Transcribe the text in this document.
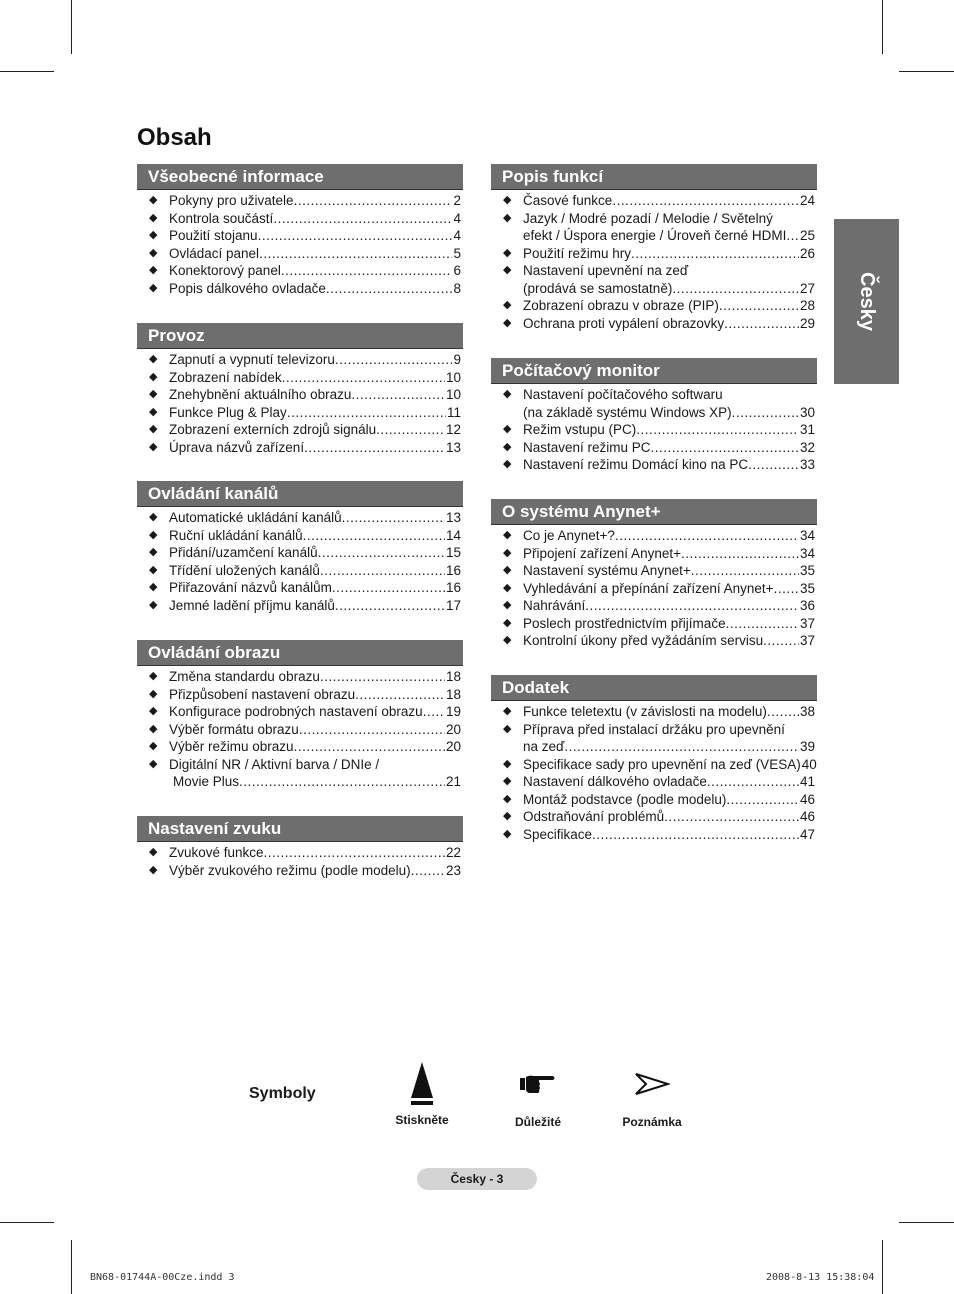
Obsah
Všeobecné informace
◆ Pokyny pro uživatele .....	2
◆ Kontrola součástí .....	4
◆ Použití stojanu .....	4
◆ Ovládací panel .....	5
◆ Konektorový panel .....	6
◆ Popis dálkového ovladače .....	8
Provoz
◆ Zapnutí a vypnutí televizoru .....	9
◆ Zobrazení nabídek .....	10
◆ Znehybnění aktuálního obrazu .....	10
◆ Funkce Plug & Play .....	11
◆ Zobrazení externích zdrojů signálu .....	12
◆ Úprava názvů zařízení .....	13
Ovládání kanálů
◆ Automatické ukládání kanálů .....	13
◆ Ruční ukládání kanálů .....	14
◆ Přidání/uzamčení kanálů .....	15
◆ Třídění uložených kanálů .....	16
◆ Přiřazování názvů kanálům .....	16
◆ Jemné ladění příjmu kanálů .....	17
Ovládání obrazu
◆ Změna standardu obrazu .....	18
◆ Přizpůsobení nastavení obrazu .....	18
◆ Konfigurace podrobných nastavení obrazu ..... 19
◆ Výběr formátu obrazu .....	20
◆ Výběr režimu obrazu .....	20
◆ Digitální NR / Aktivní barva / DNIe /
Movie Plus .....	21
Nastavení zvuku
◆ Zvukové funkce .....	22
◆ Výběr zvukového režimu (podle modelu) .....	23
Popis funkcí
◆ Časové funkce .....	24
◆ Jazyk / Modré pozadí / Melodie / Světelný
efekt / Úspora energie / Úroveň černé HDMI ..... 25
◆ Použití režimu hry .....	26
◆ Nastavení upevnění na zeď
(prodává se samostatně) .....	27
◆ Zobrazení obrazu v obraze (PIP) .....	28
◆ Ochrana proti vypálení obrazovky .....	29
Počítačový monitor
◆ Nastavení počítačového softwaru
(na základě systému Windows XP) .....	30
◆ Režim vstupu (PC) .....	31
◆ Nastavení režimu PC .....	32
◆ Nastavení režimu Domácí kino na PC .....	33
O systému Anynet+
◆ Co je Anynet+? .....	34
◆ Připojení zařízení Anynet+ .....	34
◆ Nastavení systému Anynet+ .....	35
◆ Vyhledávání a přepínání zařízení Anynet+ ..... 35
◆ Nahrávání .....	36
◆ Poslech prostřednictvím přijímače .....	37
◆ Kontrolní úkony před vyžádáním servisu .....	37
Dodatek
◆ Funkce teletextu (v závislosti na modelu) ..... 38
◆ Příprava před instalací držáku pro upevnění
na zeď .....	39
◆ Specifikace sady pro upevnění na zeď (VESA) 40
◆ Nastavení dálkového ovladače .....	41
◆ Montáž podstavce (podle modelu) .....	46
◆ Odstraňování problémů .....	46
◆ Specifikace .....	47
Česky
Symboly
Stiskněte	Důležité	Poznámka
Česky - 3
BN68-01744A-00Cze.indd 3	2008-8-13 15:38:04
